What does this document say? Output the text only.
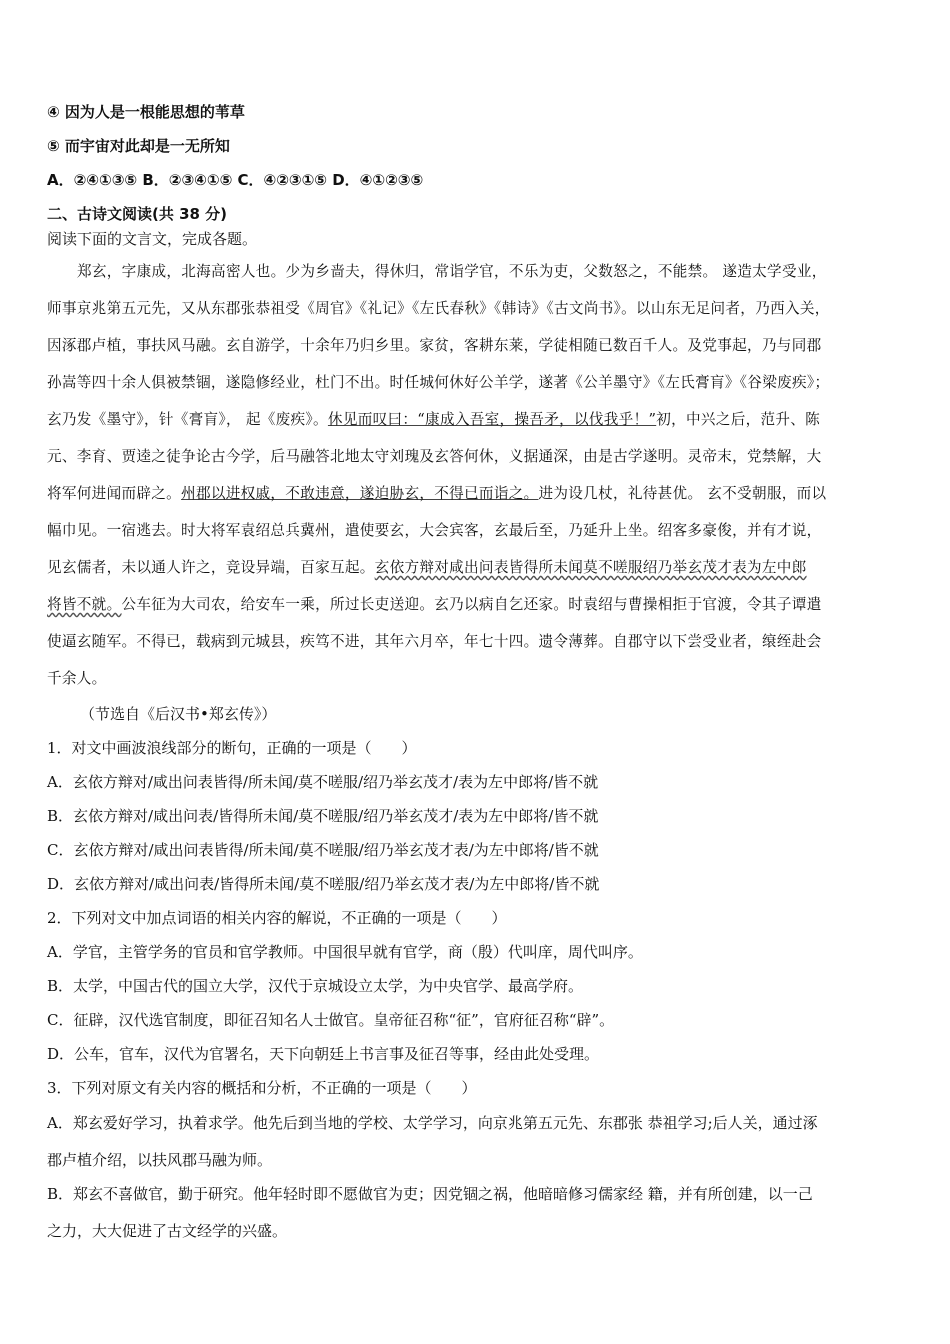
④ 因为人是一根能思想的苇草
⑤ 而宇宙对此却是一无所知
A．②④①③⑤ B．②③④①⑤ C．④②③①⑤ D．④①②③⑤
二、古诗文阅读(共 38 分)
阅读下面的文言文，完成各题。
郑玄，字康成，北海高密人也。少为乡啬夫，得休归，常诣学官，不乐为吏，父数怒之，不能禁。 遂造太学受业，
师事京兆第五元先，又从东郡张恭祖受《周官》《礼记》《左氏春秋》《韩诗》《古文尚书》。以山东无足问者，乃西入关，
因涿郡卢植，事扶风马融。玄自游学，十余年乃归乡里。家贫，客耕东莱，学徒相随已数百千人。及党事起，乃与同郡
孙嵩等四十余人俱被禁锢，遂隐修经业，杜门不出。时任城何休好公羊学，遂著《公羊墨守》《左氏膏肓》《谷梁废疾》；
玄乃发《墨守》，针《膏肓》， 起《废疾》。休见而叹曰：“康成入吾室，操吾矛，以伐我乎！”初，中兴之后，范升、陈
元、李育、贾逵之徒争论古今学，后马融答北地太守刘瑰及玄答何休，义据通深，由是古学遂明。灵帝末，党禁解，大
将军何进闻而辟之。州郡以进权戚，不敢违意，遂迫胁玄，不得已而诣之。进为设几杖，礼待甚优。 玄不受朝服，而以
幅巾见。一宿逃去。时大将军袁绍总兵冀州，遣使要玄，大会宾客，玄最后至，乃延升上坐。绍客多豪俊，并有才说，
见玄儒者，未以通人许之，竞设异端，百家互起。玄依方辩对咸出问表皆得所未闻莫不嗟服绍乃举玄茂才表为左中郎
将皆不就。公车征为大司农，给安车一乘，所过长吏送迎。玄乃以病自乞还家。时袁绍与曹操相拒于官渡，令其子谭遣
使逼玄随军。不得已，载病到元城县，疾笃不进，其年六月卒，年七十四。遗令薄葬。自郡守以下尝受业者，缞绖赴会
千余人。
（节选自《后汉书•郑玄传》）
1．对文中画波浪线部分的断句，正确的一项是（　　）
A．玄依方辩对/咸出问表皆得/所未闻/莫不嗟服/绍乃举玄茂才/表为左中郎将/皆不就
B．玄依方辩对/咸出问表/皆得所未闻/莫不嗟服/绍乃举玄茂才/表为左中郎将/皆不就
C．玄依方辩对/咸出问表皆得/所未闻/莫不嗟服/绍乃举玄茂才表/为左中郎将/皆不就
D．玄依方辩对/咸出问表/皆得所未闻/莫不嗟服/绍乃举玄茂才表/为左中郎将/皆不就
2．下列对文中加点词语的相关内容的解说，不正确的一项是（　　）
A．学官，主管学务的官员和官学教师。中国很早就有官学，商（殷）代叫庠，周代叫序。
B．太学，中国古代的国立大学，汉代于京城设立太学，为中央官学、最高学府。
C．征辟，汉代选官制度，即征召知名人士做官。皇帝征召称“征”，官府征召称“辟”。
D．公车，官车，汉代为官署名，天下向朝廷上书言事及征召等事，经由此处受理。
3．下列对原文有关内容的概括和分析，不正确的一项是（　　）
A．郑玄爱好学习，执着求学。他先后到当地的学校、太学学习，向京兆第五元先、东郡张 恭祖学习;后人关，通过涿
郡卢植介绍，以扶风郡马融为师。
B．郑玄不喜做官，勤于研究。他年轻时即不愿做官为吏；因党锢之祸，他暗暗修习儒家经 籍，并有所创建，以一己
之力，大大促进了古文经学的兴盛。
